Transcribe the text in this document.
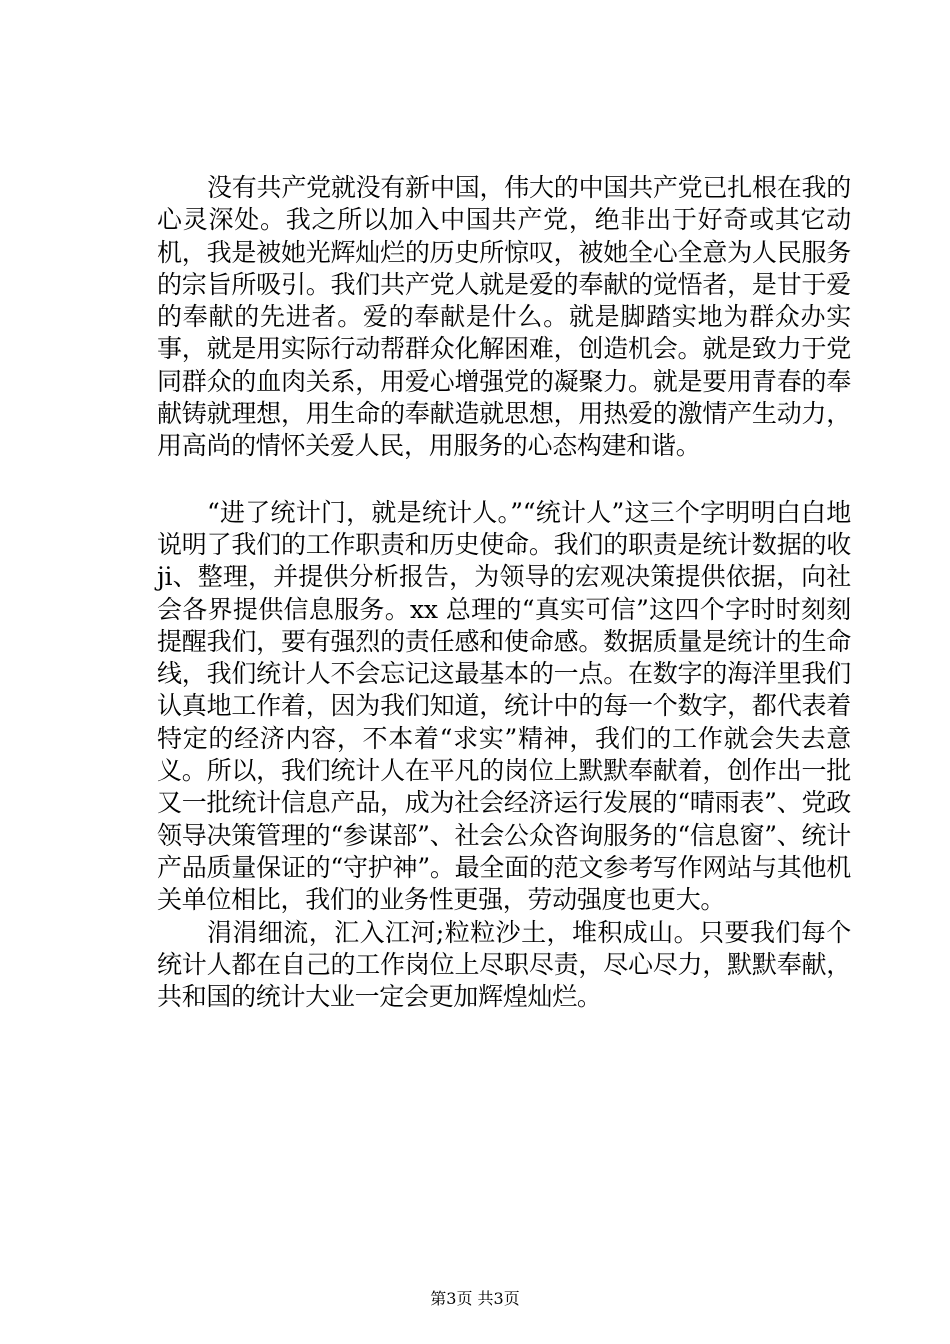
没有共产党就没有新中国，伟大的中国共产党已扎根在我的心灵深处。我之所以加入中国共产党，绝非出于好奇或其它动机，我是被她光辉灿烂的历史所惊叹，被她全心全意为人民服务的宗旨所吸引。我们共产党人就是爱的奉献的觉悟者，是甘于爱的奉献的先进者。爱的奉献是什么。就是脚踏实地为群众办实事，就是用实际行动帮群众化解困难，创造机会。就是致力于党同群众的血肉关系，用爱心增强党的凝聚力。就是要用青春的奉献铸就理想，用生命的奉献造就思想，用热爱的激情产生动力，用高尚的情怀关爱人民，用服务的心态构建和谐。

“进了统计门，就是统计人。”“统计人”这三个字明明白白地说明了我们的工作职责和历史使命。我们的职责是统计数据的收 ji、整理，并提供分析报告，为领导的宏观决策提供依据，向社会各界提供信息服务。xx 总理的“真实可信”这四个字时时刻刻提醒我们，要有强烈的责任感和使命感。数据质量是统计的生命线，我们统计人不会忘记这最基本的一点。在数字的海洋里我们认真地工作着，因为我们知道，统计中的每一个数字，都代表着特定的经济内容，不本着“求实”精神，我们的工作就会失去意义。所以，我们统计人在平凡的岗位上默默奉献着，创作出一批又一批统计信息产品，成为社会经济运行发展的“晴雨表”、党政领导决策管理的“参谋部”、社会公众咨询服务的“信息窗”、统计产品质量保证的“守护神”。最全面的范文参考写作网站与其他机关单位相比，我们的业务性更强，劳动强度也更大。

涓涓细流，汇入江河;粒粒沙土，堆积成山。只要我们每个统计人都在自己的工作岗位上尽职尽责，尽心尽力，默默奉献，共和国的统计大业一定会更加辉煌灿烂。

第3页 共3页
